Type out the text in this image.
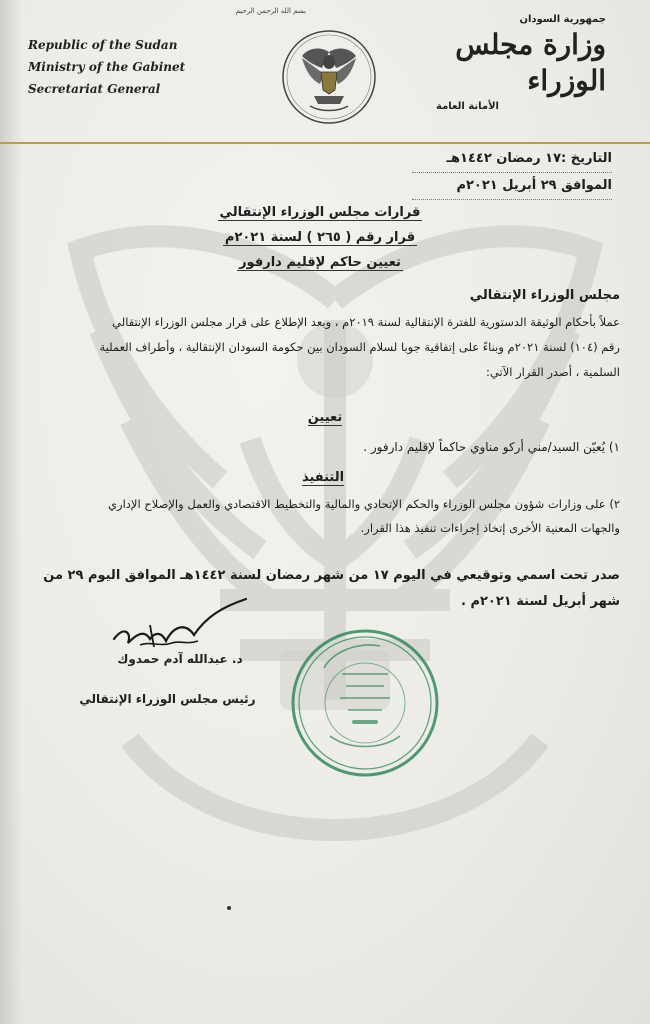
Republic of the Sudan
Ministry of the Gabinet
Secretariat General
بسم الله الرحمن الرحيم
جمهورية السودان
وزارة مجلس الوزراء
الأمانة العامة
التاريخ :١٧ رمضان ١٤٤٢هـ
الموافق ٢٩ أبريل ٢٠٢١م
قرارات مجلس الوزراء الإنتقالي
قرار رقم ( ٢٦٥ ) لسنة ٢٠٢١م
تعيين حاكم لإقليم دارفور
مجلس الوزراء الإنتقالي
عملاً بأحكام الوثيقة الدستورية للفترة الإنتقالية لسنة ٢٠١٩م ، وبعد الإطلاع على قرار مجلس الوزراء الإنتقالي
رقم (١٠٤) لسنة ٢٠٢١م وبناءً على إتفاقية جوبا لسلام السودان بين حكومة السودان الإنتقالية ، وأطراف العملية
السلمية ، أصدر القرار الآتي:
تعيين
١) يُعيّن السيد/مني أركو مناوي حاكماً لإقليم دارفور .
التنفيذ
٢) على وزارات شؤون مجلس الوزراء والحكم الإتحادي والمالية والتخطيط الاقتصادي والعمل والإصلاح الإداري
والجهات المعنية الأخرى إتخاذ إجراءات تنفيذ هذا القرار.
صدر تحت اسمي وتوقيعي في اليوم ١٧ من شهر رمضان لسنة ١٤٤٢هـ الموافق اليوم ٢٩ من
شهر أبريل لسنة ٢٠٢١م .
د. عبدالله آدم حمدوك
رئيس مجلس الوزراء الإنتقالي
